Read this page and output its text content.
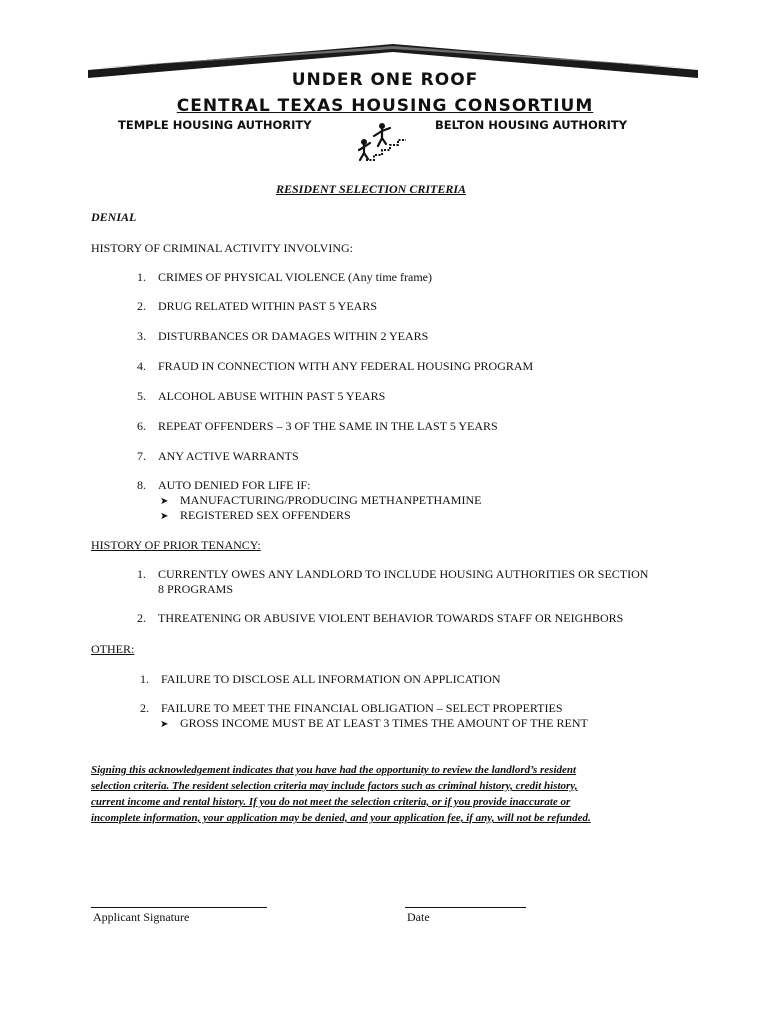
UNDER ONE ROOF
CENTRAL TEXAS HOUSING CONSORTIUM
TEMPLE HOUSING AUTHORITY	BELTON HOUSING AUTHORITY
RESIDENT SELECTION CRITERIA
DENIAL
HISTORY OF CRIMINAL ACTIVITY INVOLVING:
1. CRIMES OF PHYSICAL VIOLENCE (Any time frame)
2. DRUG RELATED WITHIN PAST 5 YEARS
3. DISTURBANCES OR DAMAGES WITHIN 2 YEARS
4. FRAUD IN CONNECTION WITH ANY FEDERAL HOUSING PROGRAM
5. ALCOHOL ABUSE WITHIN PAST 5 YEARS
6. REPEAT OFFENDERS – 3 OF THE SAME IN THE LAST 5 YEARS
7. ANY ACTIVE WARRANTS
8. AUTO DENIED FOR LIFE IF:
➤ MANUFACTURING/PRODUCING METHANPETHAMINE
➤ REGISTERED SEX OFFENDERS
HISTORY OF PRIOR TENANCY:
1. CURRENTLY OWES ANY LANDLORD TO INCLUDE HOUSING AUTHORITIES OR SECTION
8 PROGRAMS
2. THREATENING OR ABUSIVE VIOLENT BEHAVIOR TOWARDS STAFF OR NEIGHBORS
OTHER:
1. FAILURE TO DISCLOSE ALL INFORMATION ON APPLICATION
2. FAILURE TO MEET THE FINANCIAL OBLIGATION – SELECT PROPERTIES
➤ GROSS INCOME MUST BE AT LEAST 3 TIMES THE AMOUNT OF THE RENT
Signing this acknowledgement indicates that you have had the opportunity to review the landlord’s resident
selection criteria. The resident selection criteria may include factors such as criminal history, credit history,
current income and rental history. If you do not meet the selection criteria, or if you provide inaccurate or
incomplete information, your application may be denied, and your application fee, if any, will not be refunded.
Applicant Signature	Date
